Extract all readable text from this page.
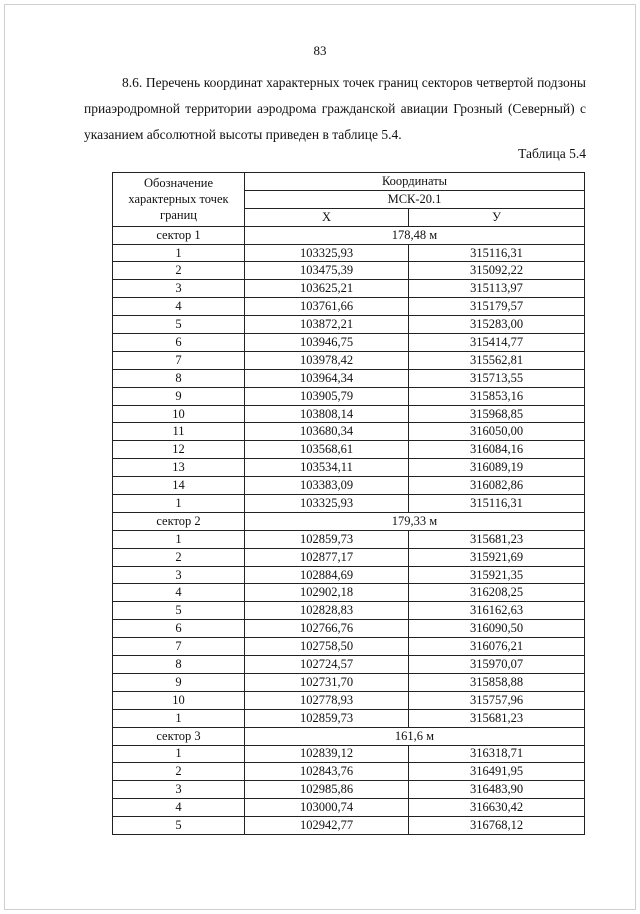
83

8.6. Перечень координат характерных точек границ секторов четвертой подзоны приаэродромной территории аэродрома гражданской авиации Грозный (Северный) с указанием абсолютной высоты приведен в таблице 5.4.

Таблица 5.4
Обозначение характерных точек границ	Координаты	
	МСК-20.1	
	Х	У
сектор 1	178,48 м	
1	103325,93	315116,31
2	103475,39	315092,22
3	103625,21	315113,97
4	103761,66	315179,57
5	103872,21	315283,00
6	103946,75	315414,77
7	103978,42	315562,81
8	103964,34	315713,55
9	103905,79	315853,16
10	103808,14	315968,85
11	103680,34	316050,00
12	103568,61	316084,16
13	103534,11	316089,19
14	103383,09	316082,86
1	103325,93	315116,31
сектор 2	179,33 м	
1	102859,73	315681,23
2	102877,17	315921,69
3	102884,69	315921,35
4	102902,18	316208,25
5	102828,83	316162,63
6	102766,76	316090,50
7	102758,50	316076,21
8	102724,57	315970,07
9	102731,70	315858,88
10	102778,93	315757,96
1	102859,73	315681,23
сектор 3	161,6 м	
1	102839,12	316318,71
2	102843,76	316491,95
3	102985,86	316483,90
4	103000,74	316630,42
5	102942,77	316768,12
